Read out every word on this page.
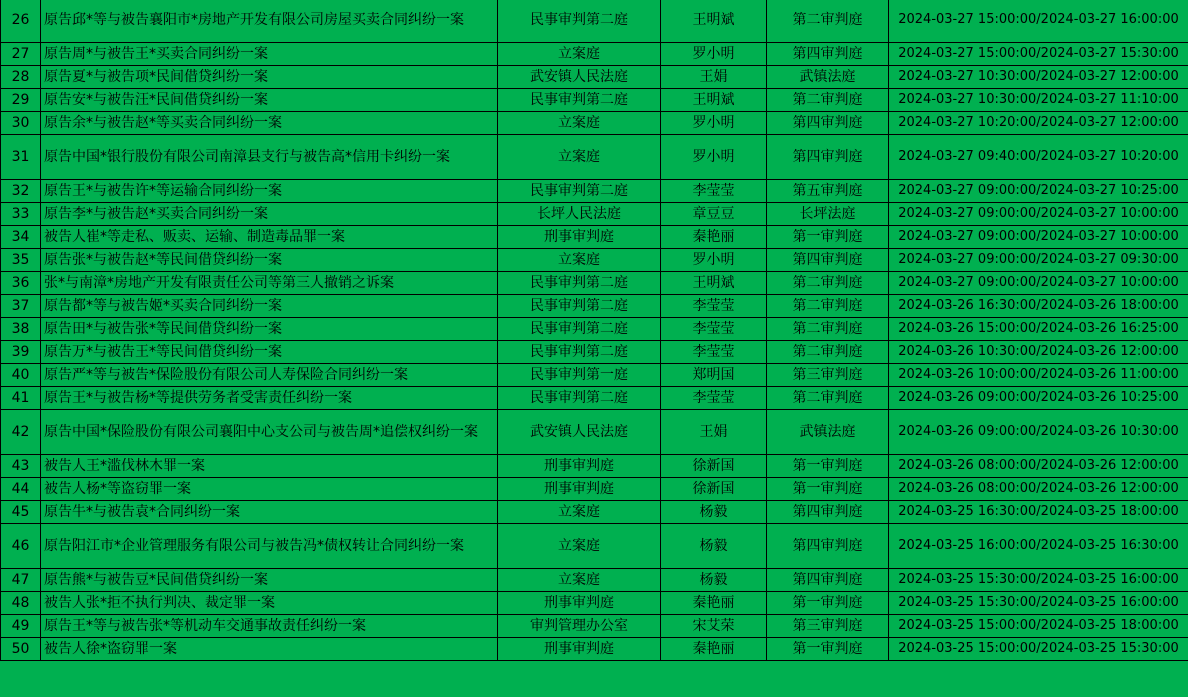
26	原告邱*等与被告襄阳市*房地产开发有限公司房屋买卖合同纠纷一案	民事审判第二庭	王明斌	第二审判庭	2024-03-27 15:00:00/2024-03-27 16:00:00
27	原告周*与被告王*买卖合同纠纷一案	立案庭	罗小明	第四审判庭	2024-03-27 15:00:00/2024-03-27 15:30:00
28	原告夏*与被告项*民间借贷纠纷一案	武安镇人民法庭	王娟	武镇法庭	2024-03-27 10:30:00/2024-03-27 12:00:00
29	原告安*与被告汪*民间借贷纠纷一案	民事审判第二庭	王明斌	第二审判庭	2024-03-27 10:30:00/2024-03-27 11:10:00
30	原告余*与被告赵*等买卖合同纠纷一案	立案庭	罗小明	第四审判庭	2024-03-27 10:20:00/2024-03-27 12:00:00
31	原告中国*银行股份有限公司南漳县支行与被告高*信用卡纠纷一案	立案庭	罗小明	第四审判庭	2024-03-27 09:40:00/2024-03-27 10:20:00
32	原告王*与被告许*等运输合同纠纷一案	民事审判第二庭	李莹莹	第五审判庭	2024-03-27 09:00:00/2024-03-27 10:25:00
33	原告李*与被告赵*买卖合同纠纷一案	长坪人民法庭	章豆豆	长坪法庭	2024-03-27 09:00:00/2024-03-27 10:00:00
34	被告人崔*等走私、贩卖、运输、制造毒品罪一案	刑事审判庭	秦艳丽	第一审判庭	2024-03-27 09:00:00/2024-03-27 10:00:00
35	原告张*与被告赵*等民间借贷纠纷一案	立案庭	罗小明	第四审判庭	2024-03-27 09:00:00/2024-03-27 09:30:00
36	张*与南漳*房地产开发有限责任公司等第三人撤销之诉案	民事审判第二庭	王明斌	第二审判庭	2024-03-27 09:00:00/2024-03-27 10:00:00
37	原告都*等与被告姬*买卖合同纠纷一案	民事审判第二庭	李莹莹	第二审判庭	2024-03-26 16:30:00/2024-03-26 18:00:00
38	原告田*与被告张*等民间借贷纠纷一案	民事审判第二庭	李莹莹	第二审判庭	2024-03-26 15:00:00/2024-03-26 16:25:00
39	原告万*与被告王*等民间借贷纠纷一案	民事审判第二庭	李莹莹	第二审判庭	2024-03-26 10:30:00/2024-03-26 12:00:00
40	原告严*等与被告*保险股份有限公司人寿保险合同纠纷一案	民事审判第一庭	郑明国	第三审判庭	2024-03-26 10:00:00/2024-03-26 11:00:00
41	原告王*与被告杨*等提供劳务者受害责任纠纷一案	民事审判第二庭	李莹莹	第二审判庭	2024-03-26 09:00:00/2024-03-26 10:25:00
42	原告中国*保险股份有限公司襄阳中心支公司与被告周*追偿权纠纷一案	武安镇人民法庭	王娟	武镇法庭	2024-03-26 09:00:00/2024-03-26 10:30:00
43	被告人王*滥伐林木罪一案	刑事审判庭	徐新国	第一审判庭	2024-03-26 08:00:00/2024-03-26 12:00:00
44	被告人杨*等盗窃罪一案	刑事审判庭	徐新国	第一审判庭	2024-03-26 08:00:00/2024-03-26 12:00:00
45	原告牛*与被告袁*合同纠纷一案	立案庭	杨毅	第四审判庭	2024-03-25 16:30:00/2024-03-25 18:00:00
46	原告阳江市*企业管理服务有限公司与被告冯*债权转让合同纠纷一案	立案庭	杨毅	第四审判庭	2024-03-25 16:00:00/2024-03-25 16:30:00
47	原告熊*与被告豆*民间借贷纠纷一案	立案庭	杨毅	第四审判庭	2024-03-25 15:30:00/2024-03-25 16:00:00
48	被告人张*拒不执行判决、裁定罪一案	刑事审判庭	秦艳丽	第一审判庭	2024-03-25 15:30:00/2024-03-25 16:00:00
49	原告王*等与被告张*等机动车交通事故责任纠纷一案	审判管理办公室	宋艾荣	第三审判庭	2024-03-25 15:00:00/2024-03-25 18:00:00
50	被告人徐*盗窃罪一案	刑事审判庭	秦艳丽	第一审判庭	2024-03-25 15:00:00/2024-03-25 15:30:00
